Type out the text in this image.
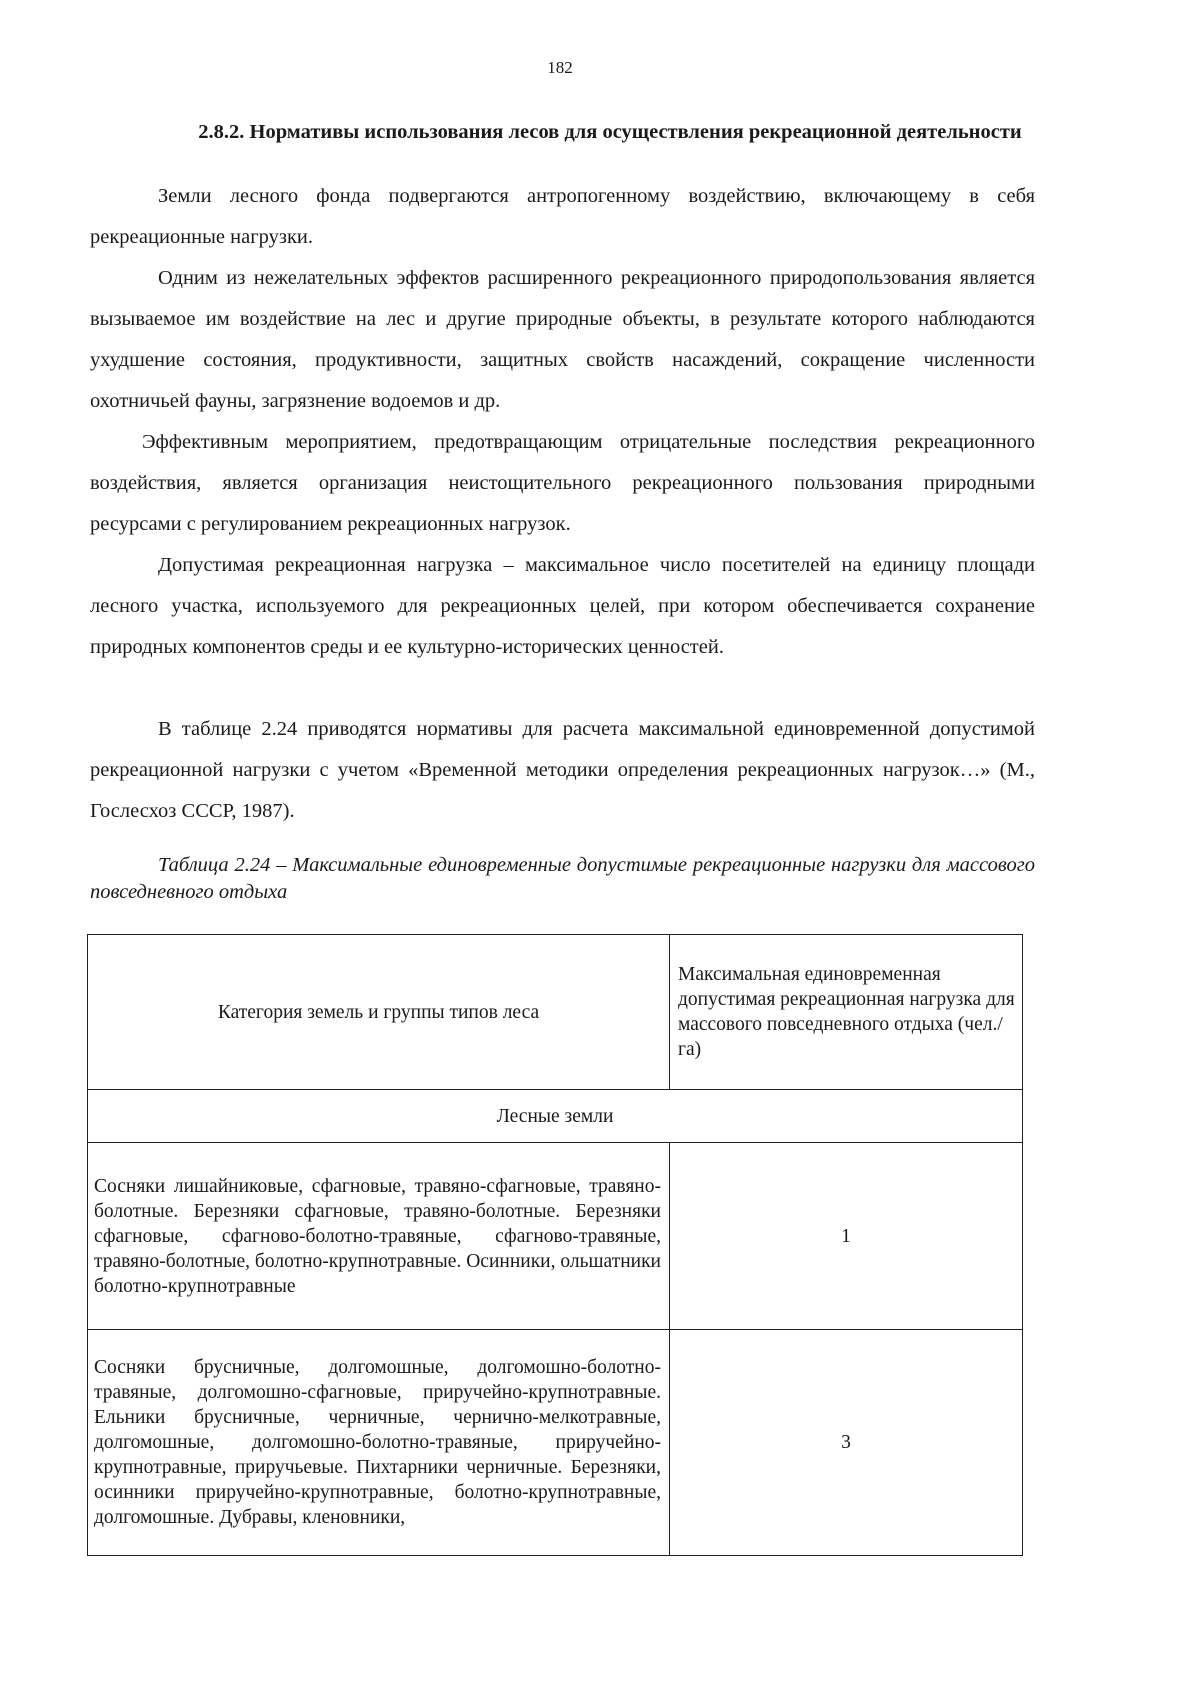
182
2.8.2. Нормативы использования лесов для осуществления рекреационной деятельности

Земли лесного фонда подвергаются антропогенному воздействию, включающему в себя рекреационные нагрузки.

Одним из нежелательных эффектов расширенного рекреационного природопользования является вызываемое им воздействие на лес и другие природные объекты, в результате которого наблюдаются ухудшение состояния, продуктивности, защитных свойств насаждений, сокращение численности охотничьей фауны, загрязнение водоемов и др.

Эффективным мероприятием, предотвращающим отрицательные последствия рекреационного воздействия, является организация неистощительного рекреационного пользования природными ресурсами с регулированием рекреационных нагрузок.

Допустимая рекреационная нагрузка – максимальное число посетителей на единицу площади лесного участка, используемого для рекреационных целей, при котором обеспечивается сохранение природных компонентов среды и ее культурно-исторических ценностей.

В таблице 2.24 приводятся нормативы для расчета максимальной единовременной допустимой рекреационной нагрузки с учетом «Временной методики определения рекреационных нагрузок…» (М., Гослесхоз СССР, 1987).

Таблица 2.24 – Максимальные единовременные допустимые рекреационные нагрузки для массового повседневного отдыха

Категория земель и группы типов леса	Максимальная единовременная допустимая рекреационная нагрузка для массового повседневного отдыха (чел./га)
Лесные земли	
Сосняки лишайниковые, сфагновые, травяно-сфагновые, травяно-болотные. Березняки сфагновые, травяно-болотные. Березняки сфагновые, сфагново-болотно-травяные, сфагново-травяные, травяно-болотные, болотно-крупнотравные. Осинники, ольшатники болотно-крупнотравные	1
Сосняки брусничные, долгомошные, долгомошно-болотно-травяные, долгомошно-сфагновые, приручейно-крупнотравные. Ельники брусничные, черничные, чернично-мелкотравные, долгомошные, долгомошно-болотно-травяные, приручейно-крупнотравные, приручьевые. Пихтарники черничные. Березняки, осинники приручейно-крупнотравные, болотно-крупнотравные, долгомошные. Дубравы, кленовники,	3
